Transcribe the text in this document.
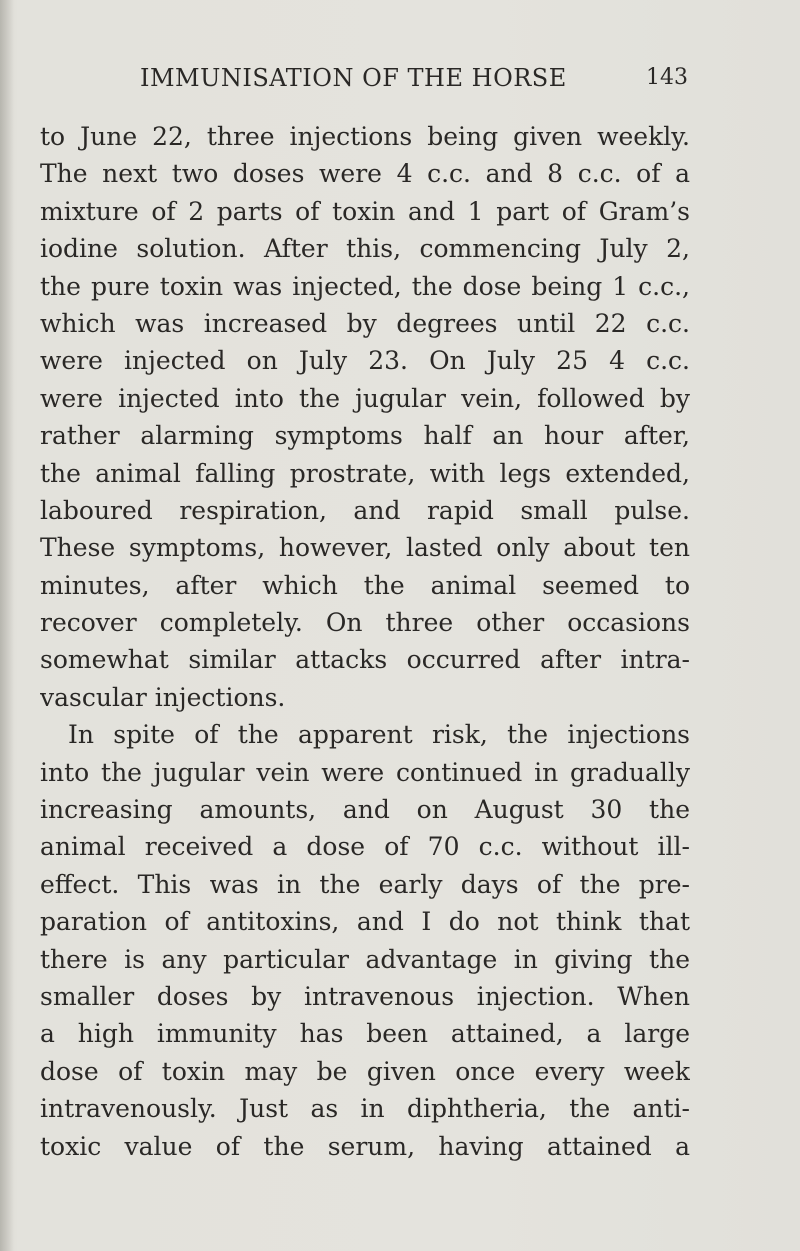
IMMUNISATION OF THE HORSE	143
to June 22, three injections being given weekly.
The next two doses were 4 c.c. and 8 c.c. of a
mixture of 2 parts of toxin and 1 part of Gram’s
iodine solution. After this, commencing July 2,
the pure toxin was injected, the dose being 1 c.c.,
which was increased by degrees until 22 c.c.
were injected on July 23. On July 25 4 c.c.
were injected into the jugular vein, followed by
rather alarming symptoms half an hour after,
the animal falling prostrate, with legs extended,
laboured respiration, and rapid small pulse.
These symptoms, however, lasted only about ten
minutes, after which the animal seemed to
recover completely. On three other occasions
somewhat similar attacks occurred after intra-
vascular injections.
In spite of the apparent risk, the injections
into the jugular vein were continued in gradually
increasing amounts, and on August 30 the
animal received a dose of 70 c.c. without ill-
effect. This was in the early days of the pre-
paration of antitoxins, and I do not think that
there is any particular advantage in giving the
smaller doses by intravenous injection. When
a high immunity has been attained, a large
dose of toxin may be given once every week
intravenously. Just as in diphtheria, the anti-
toxic value of the serum, having attained a
